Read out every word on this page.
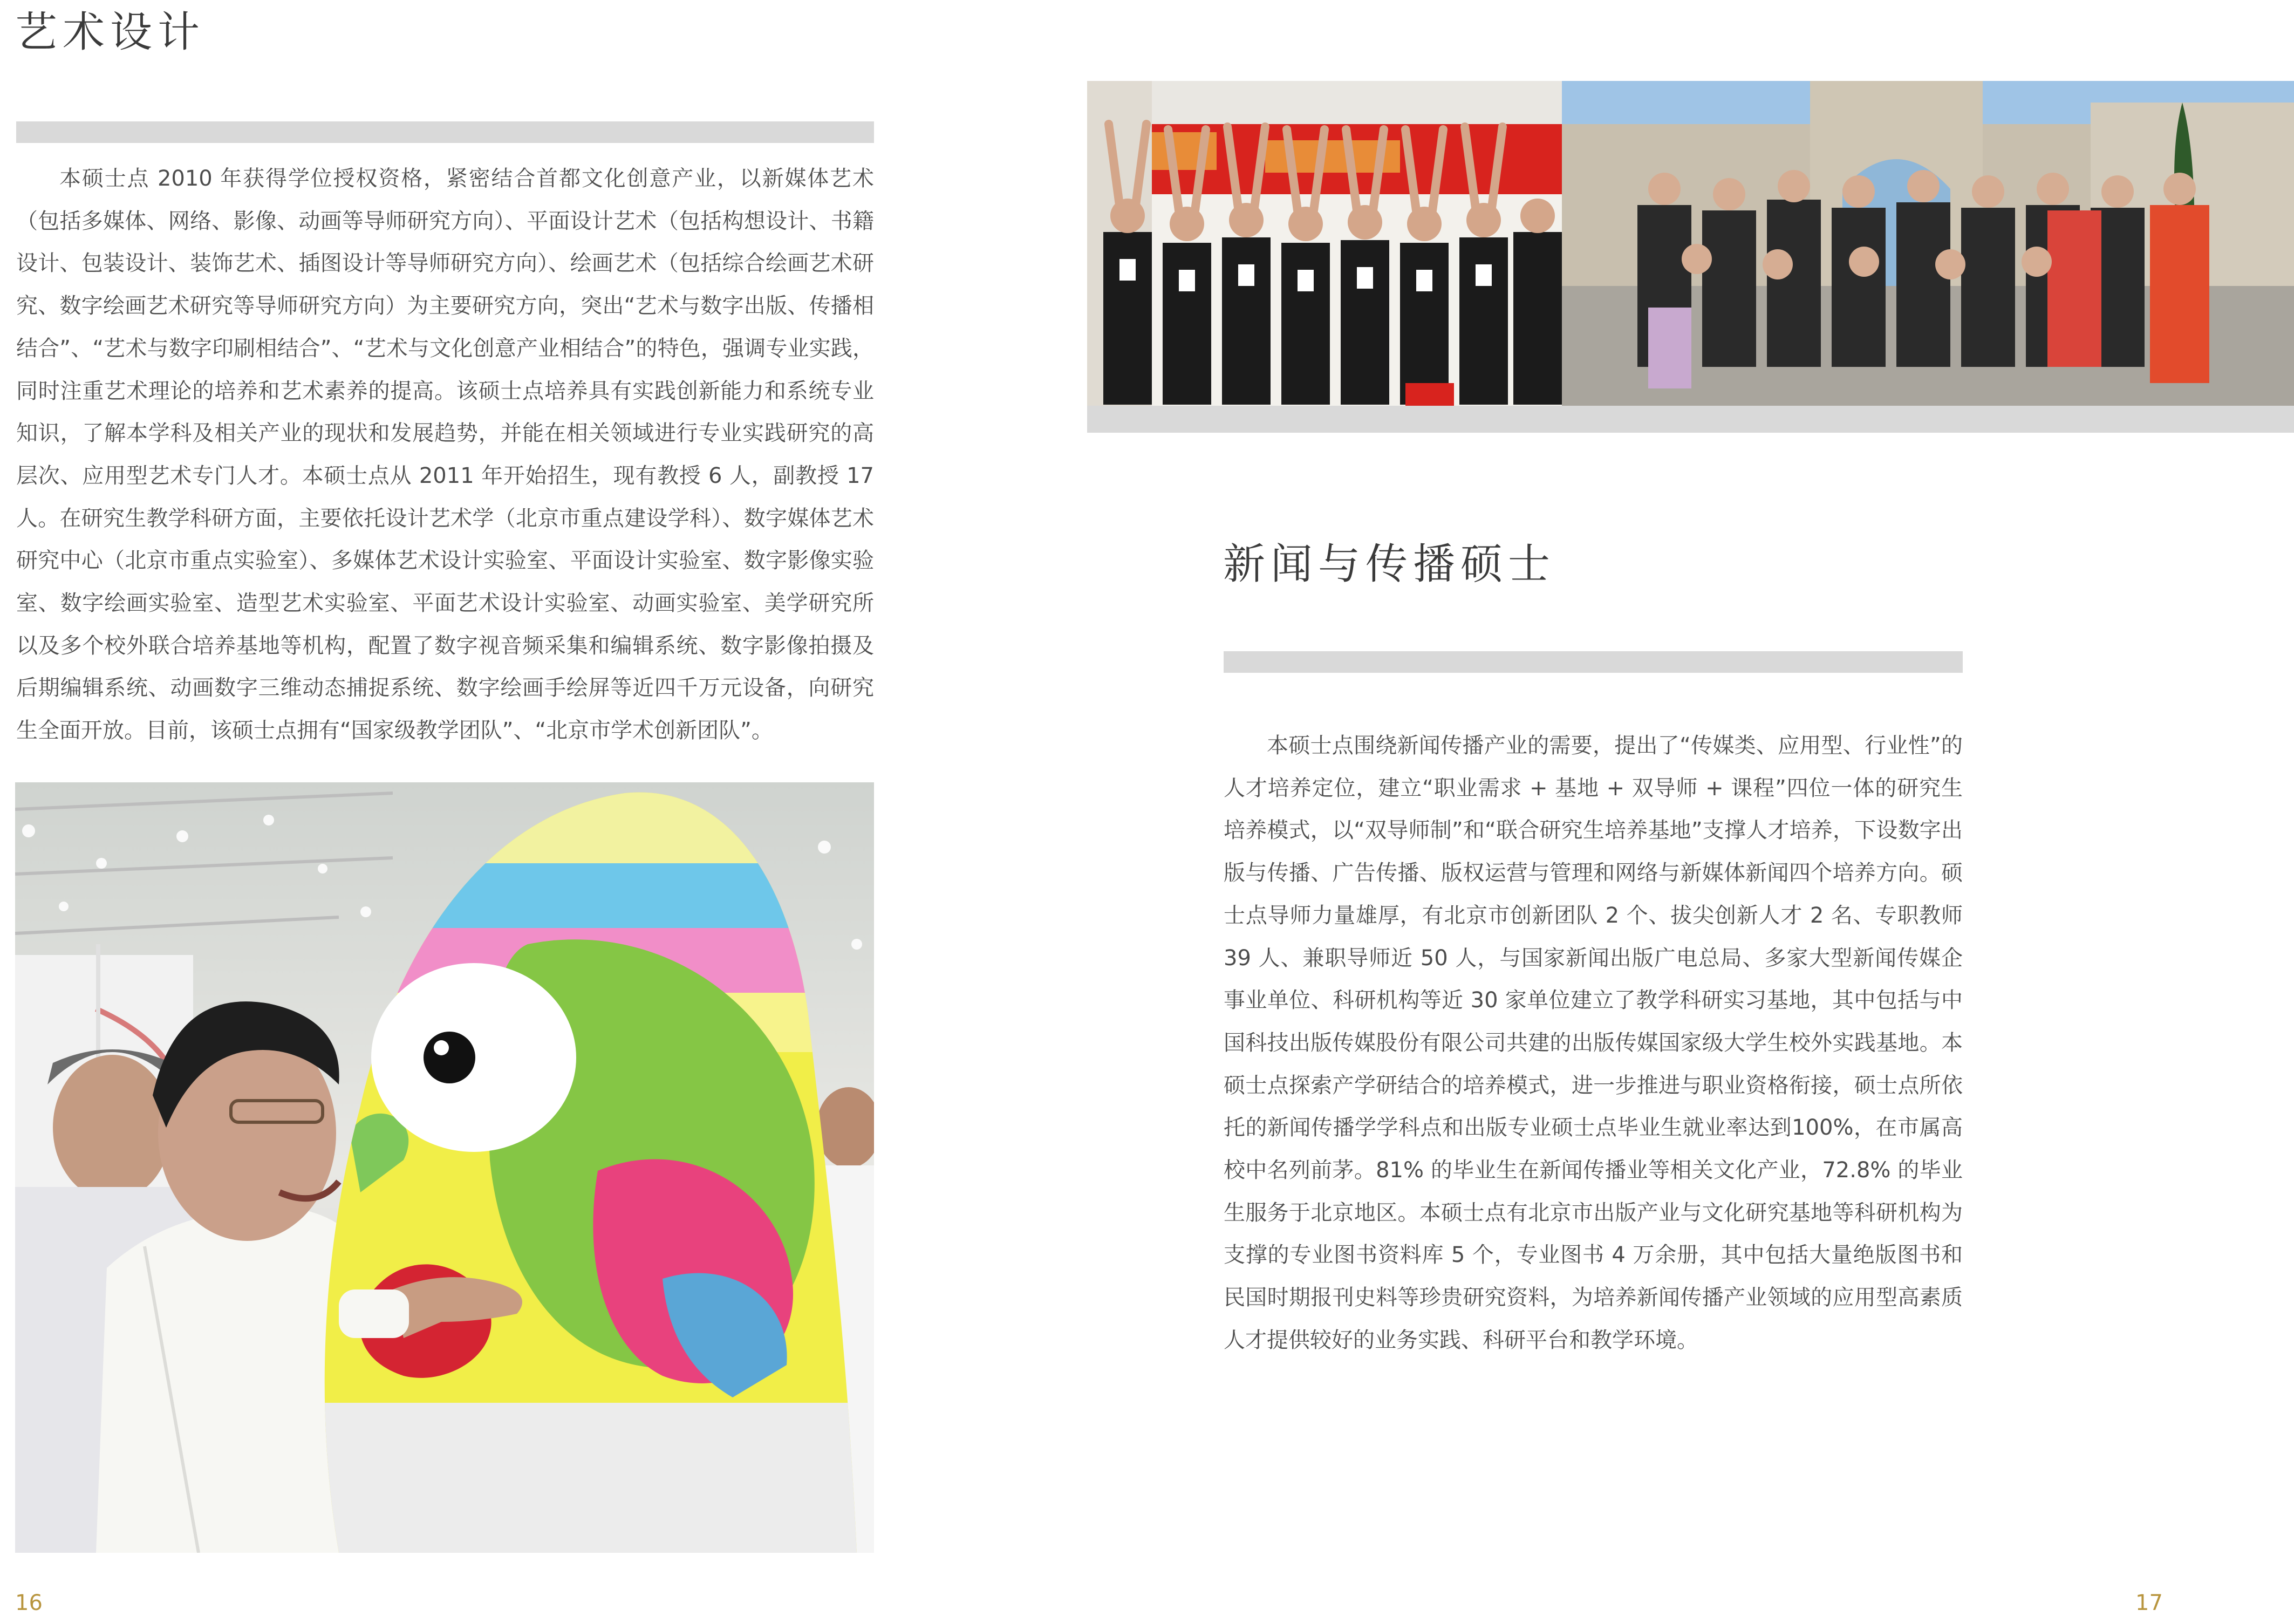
艺术设计

本硕士点 2010 年获得学位授权资格，紧密结合首都文化创意产业，以新媒体艺术（包括多媒体、网络、影像、动画等导师研究方向）、平面设计艺术（包括构想设计、书籍设计、包装设计、装饰艺术、插图设计等导师研究方向）、绘画艺术（包括综合绘画艺术研究、数字绘画艺术研究等导师研究方向）为主要研究方向，突出“艺术与数字出版、传播相结合”、“艺术与数字印刷相结合”、“艺术与文化创意产业相结合”的特色，强调专业实践，同时注重艺术理论的培养和艺术素养的提高。该硕士点培养具有实践创新能力和系统专业知识，了解本学科及相关产业的现状和发展趋势，并能在相关领域进行专业实践研究的高层次、应用型艺术专门人才。本硕士点从 2011 年开始招生，现有教授 6 人，副教授 17 人。在研究生教学科研方面，主要依托设计艺术学（北京市重点建设学科）、数字媒体艺术研究中心（北京市重点实验室）、多媒体艺术设计实验室、平面设计实验室、数字影像实验室、数字绘画实验室、造型艺术实验室、平面艺术设计实验室、动画实验室、美学研究所以及多个校外联合培养基地等机构，配置了数字视音频采集和编辑系统、数字影像拍摄及后期编辑系统、动画数字三维动态捕捉系统、数字绘画手绘屏等近四千万元设备，向研究生全面开放。目前，该硕士点拥有“国家级教学团队”、“北京市学术创新团队”。

16
新闻与传播硕士

本硕士点围绕新闻传播产业的需要，提出了“传媒类、应用型、行业性”的人才培养定位，建立“职业需求 + 基地 + 双导师 + 课程”四位一体的研究生培养模式，以“双导师制”和“联合研究生培养基地”支撑人才培养，下设数字出版与传播、广告传播、版权运营与管理和网络与新媒体新闻四个培养方向。硕士点导师力量雄厚，有北京市创新团队 2 个、拔尖创新人才 2 名、专职教师 39 人、兼职导师近 50 人，与国家新闻出版广电总局、多家大型新闻传媒企事业单位、科研机构等近 30 家单位建立了教学科研实习基地，其中包括与中国科技出版传媒股份有限公司共建的出版传媒国家级大学生校外实践基地。本硕士点探索产学研结合的培养模式，进一步推进与职业资格衔接，硕士点所依托的新闻传播学学科点和出版专业硕士点毕业生就业率达到100%，在市属高校中名列前茅。81% 的毕业生在新闻传播业等相关文化产业，72.8% 的毕业生服务于北京地区。本硕士点有北京市出版产业与文化研究基地等科研机构为支撑的专业图书资料库 5 个，专业图书 4 万余册，其中包括大量绝版图书和民国时期报刊史料等珍贵研究资料，为培养新闻传播产业领域的应用型高素质人才提供较好的业务实践、科研平台和教学环境。

17
